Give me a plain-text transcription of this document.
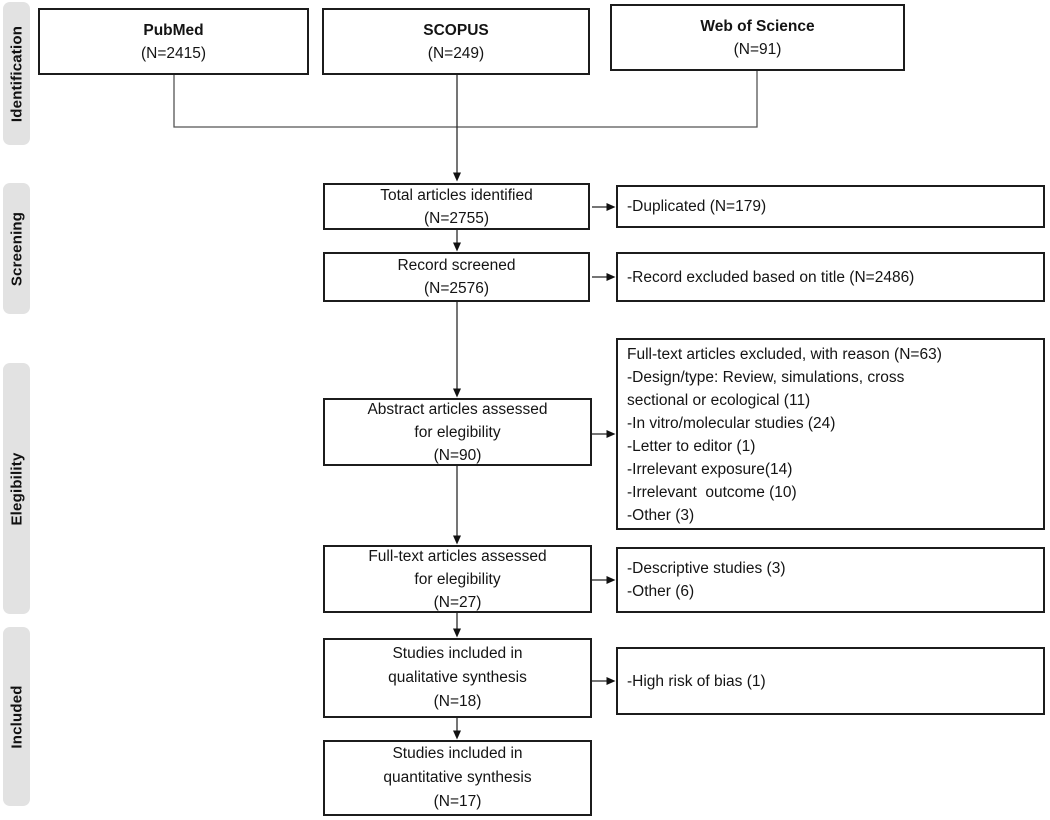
Identification
Screening
Elegibility
Included
PubMed
(N=2415)
SCOPUS
(N=249)
Web of Science
(N=91)
Total articles identified
(N=2755)
Record screened
(N=2576)
Abstract articles assessed
for elegibility
(N=90)
Full-text articles assessed
for elegibility
(N=27)
Studies included in
qualitative synthesis
(N=18)
Studies included in
quantitative synthesis
(N=17)
-Duplicated (N=179)
-Record excluded based on title (N=2486)
Full-text articles excluded, with reason (N=63)
-Design/type: Review, simulations, cross
sectional or ecological (11)
-In vitro/molecular studies (24)
-Letter to editor (1)
-Irrelevant exposure(14)
-Irrelevant  outcome (10)
-Other (3)
-Descriptive studies (3)
-Other (6)
-High risk of bias (1)
